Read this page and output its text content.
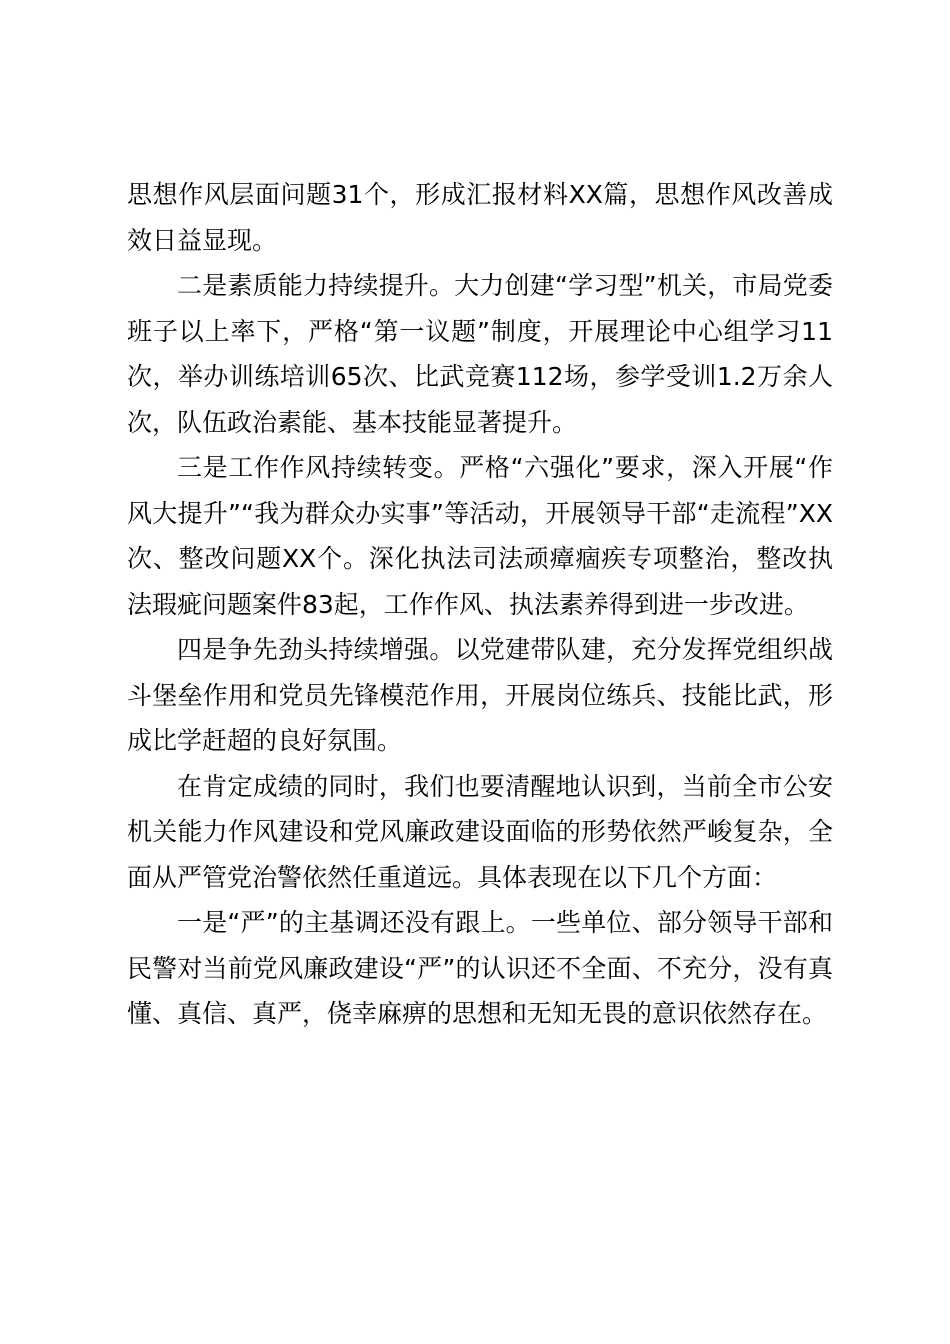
思想作风层面问题31个，形成汇报材料XX篇，思想作风改善成效日益显现。

二是素质能力持续提升。大力创建“学习型”机关，市局党委班子以上率下，严格“第一议题”制度，开展理论中心组学习11次，举办训练培训65次、比武竞赛112场，参学受训1.2万余人次，队伍政治素能、基本技能显著提升。

三是工作作风持续转变。严格“六强化”要求，深入开展“作风大提升”“我为群众办实事”等活动，开展领导干部“走流程”XX次、整改问题XX个。深化执法司法顽瘴痼疾专项整治，整改执法瑕疵问题案件83起，工作作风、执法素养得到进一步改进。

四是争先劲头持续增强。以党建带队建，充分发挥党组织战斗堡垒作用和党员先锋模范作用，开展岗位练兵、技能比武，形成比学赶超的良好氛围。

在肯定成绩的同时，我们也要清醒地认识到，当前全市公安机关能力作风建设和党风廉政建设面临的形势依然严峻复杂，全面从严管党治警依然任重道远。具体表现在以下几个方面：

一是“严”的主基调还没有跟上。一些单位、部分领导干部和民警对当前党风廉政建设“严”的认识还不全面、不充分，没有真懂、真信、真严，侥幸麻痹的思想和无知无畏的意识依然存在。
